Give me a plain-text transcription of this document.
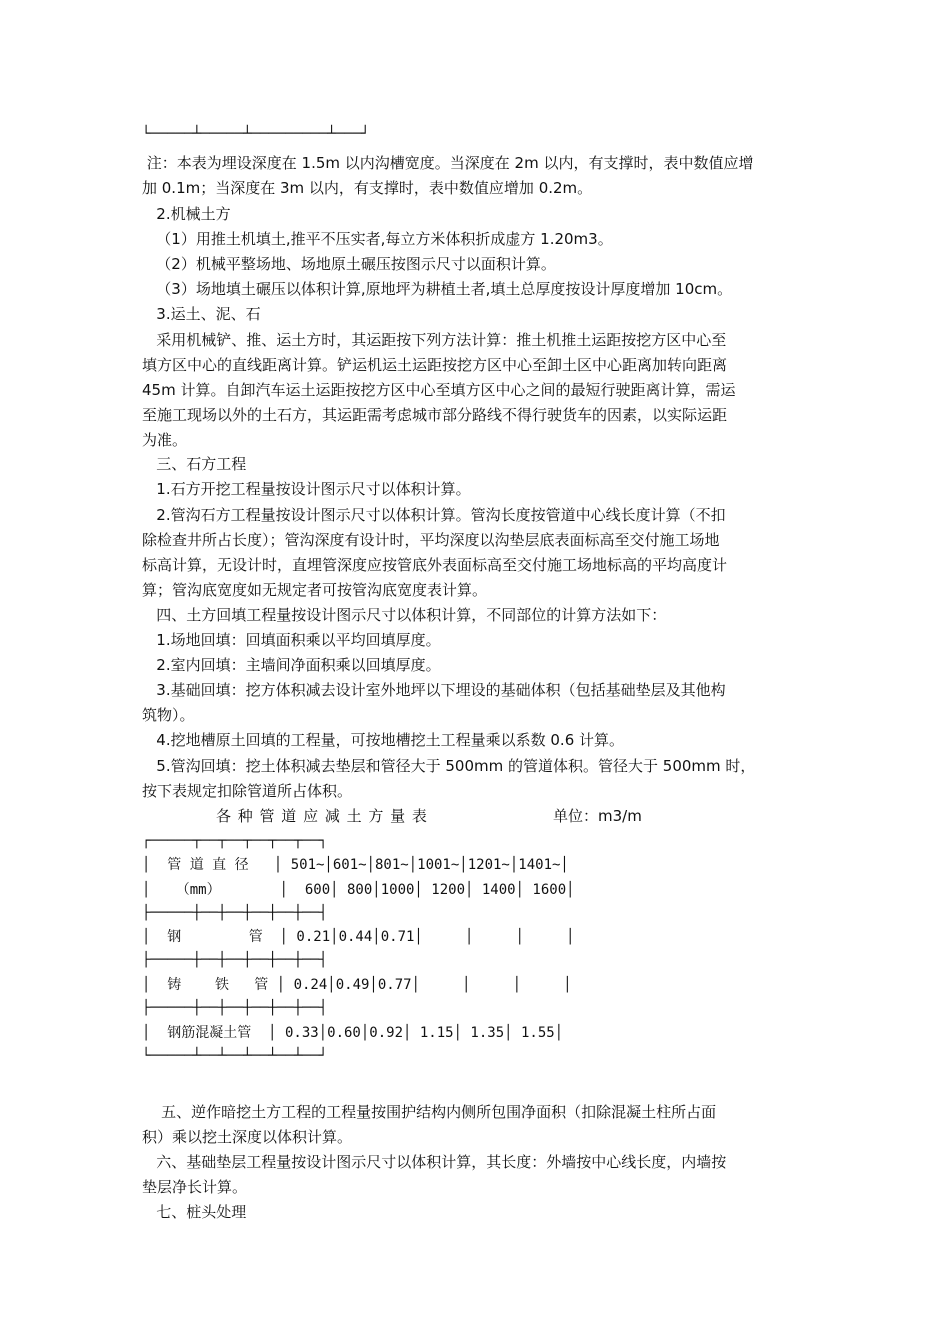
└─────┴─────┴─────────┴───┘
注：本表为埋设深度在 1.5m 以内沟槽宽度。当深度在 2m 以内，有支撑时，表中数值应增
加 0.1m；当深度在 3m 以内，有支撑时，表中数值应增加 0.2m。
2.机械土方
（1）用推土机填土,推平不压实者,每立方米体积折成虚方 1.20m3。
（2）机械平整场地、场地原土碾压按图示尺寸以面积计算。
（3）场地填土碾压以体积计算,原地坪为耕植土者,填土总厚度按设计厚度增加 10cm。
3.运土、泥、石
采用机械铲、推、运土方时，其运距按下列方法计算：推土机推土运距按挖方区中心至
填方区中心的直线距离计算。铲运机运土运距按挖方区中心至卸土区中心距离加转向距离
45m 计算。自卸汽车运土运距按挖方区中心至填方区中心之间的最短行驶距离计算，需运
至施工现场以外的土石方，其运距需考虑城市部分路线不得行驶货车的因素，以实际运距
为准。
三、石方工程
1.石方开挖工程量按设计图示尺寸以体积计算。
2.管沟石方工程量按设计图示尺寸以体积计算。管沟长度按管道中心线长度计算（不扣
除检查井所占长度）；管沟深度有设计时，平均深度以沟垫层底表面标高至交付施工场地
标高计算，无设计时，直埋管深度应按管底外表面标高至交付施工场地标高的平均高度计
算；管沟底宽度如无规定者可按管沟底宽度表计算。
四、土方回填工程量按设计图示尺寸以体积计算，不同部位的计算方法如下：
1.场地回填：回填面积乘以平均回填厚度。
2.室内回填：主墙间净面积乘以回填厚度。
3.基础回填：挖方体积减去设计室外地坪以下埋设的基础体积（包括基础垫层及其他构
筑物）。
4.挖地槽原土回填的工程量，可按地槽挖土工程量乘以系数 0.6 计算。
5.管沟回填：挖土体积减去垫层和管径大于 500mm 的管道体积。管径大于 500mm 时，
按下表规定扣除管道所占体积。
各 种 管 道 应 减 土 方 量 表	单位：m3/m
┌─────┬──┬──┬──┬──┬──┐
│  管 道 直 径   │ 501~│601~│801~│1001~│1201~│1401~│
│   （mm）       │  600│ 800│1000│ 1200│ 1400│ 1600│
├─────┼──┼──┼──┼──┼──┤
│  钢        管  │ 0.21│0.44│0.71│     │     │     │
├─────┼──┼──┼──┼──┼──┤
│  铸    铁   管 │ 0.24│0.49│0.77│     │     │     │
├─────┼──┼──┼──┼──┼──┤
│  钢筋混凝土管  │ 0.33│0.60│0.92│ 1.15│ 1.35│ 1.55│
└─────┴──┴──┴──┴──┴──┘
五、逆作暗挖土方工程的工程量按围护结构内侧所包围净面积（扣除混凝土柱所占面
积）乘以挖土深度以体积计算。
六、基础垫层工程量按设计图示尺寸以体积计算，其长度：外墙按中心线长度，内墙按
垫层净长计算。
七、桩头处理
